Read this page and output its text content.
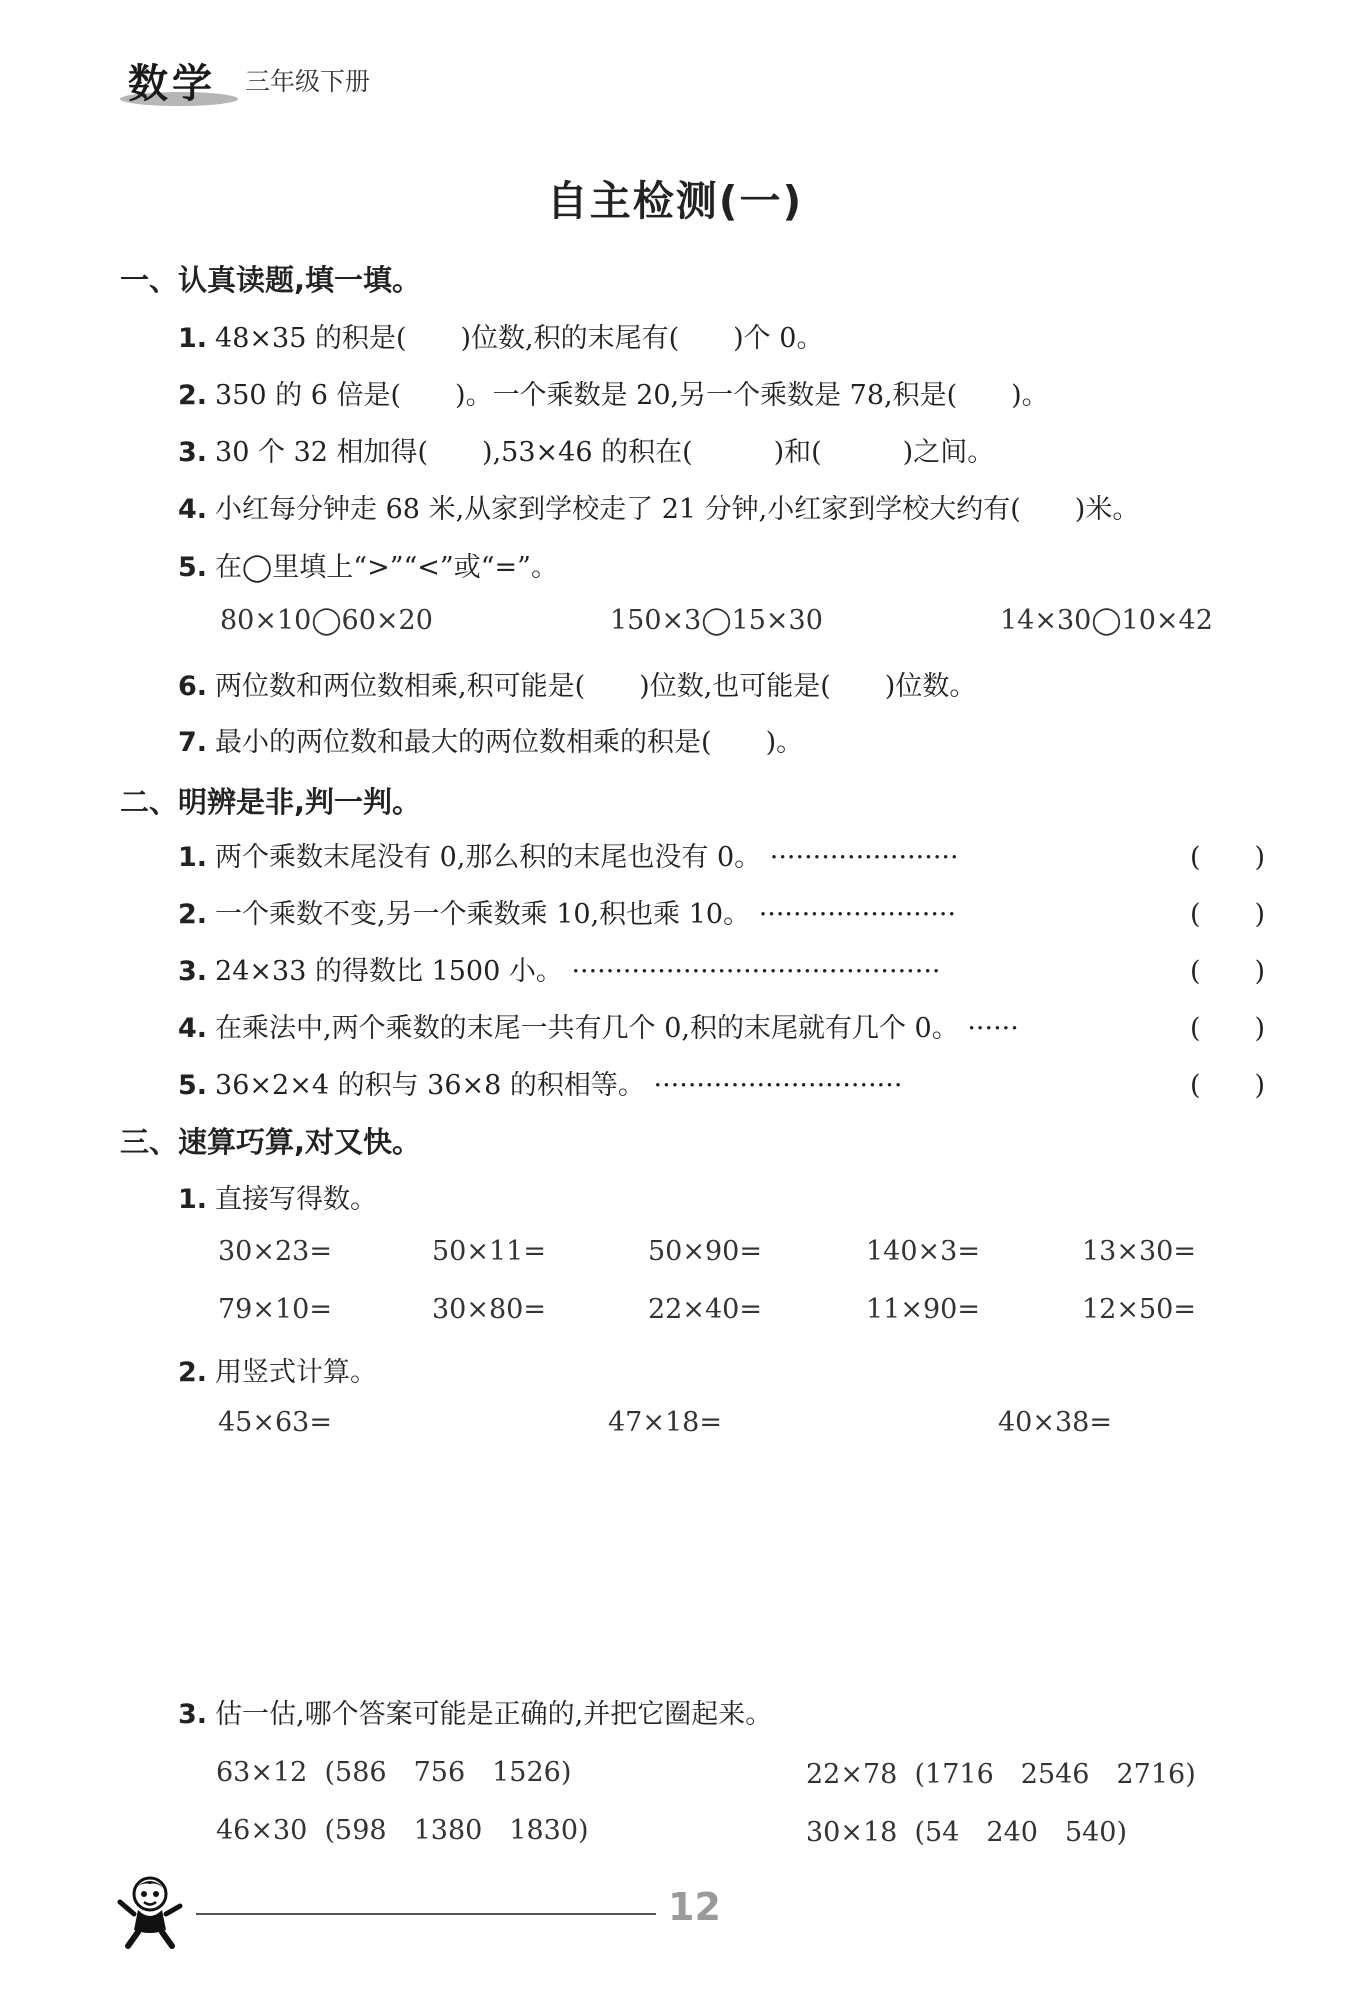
数学 三年级下册
自主检测(一)
一、认真读题,填一填。
1. 48×35 的积是(　　)位数,积的末尾有(　　)个 0。
2. 350 的 6 倍是(　　)。一个乘数是 20,另一个乘数是 78,积是(　　)。
3. 30 个 32 相加得(　　),53×46 的积在(　　　)和(　　　)之间。
4. 小红每分钟走 68 米,从家到学校走了 21 分钟,小红家到学校大约有(　　)米。
5. 在◯里填上“>”“<”或“=”。
80×10◯60×20	150×3◯15×30	14×30◯10×42
6. 两位数和两位数相乘,积可能是(　　)位数,也可能是(　　)位数。
7. 最小的两位数和最大的两位数相乘的积是(　　)。
二、明辨是非,判一判。
1. 两个乘数末尾没有 0,那么积的末尾也没有 0。 ······················	(　　)
2. 一个乘数不变,另一个乘数乘 10,积也乘 10。 ·······················	(　　)
3. 24×33 的得数比 1500 小。 ···········································	(　　)
4. 在乘法中,两个乘数的末尾一共有几个 0,积的末尾就有几个 0。 ······	(　　)
5. 36×2×4 的积与 36×8 的积相等。 ·····························	(　　)
三、速算巧算,对又快。
1. 直接写得数。
30×23=	50×11=	50×90=	140×3=	13×30=
79×10=	30×80=	22×40=	11×90=	12×50=
2. 用竖式计算。
45×63=	47×18=	40×38=
3. 估一估,哪个答案可能是正确的,并把它圈起来。
63×12 (586　756　1526)	22×78 (1716　2546　2716)
46×30 (598　1380　1830)	30×18 (54　240　540)
12
